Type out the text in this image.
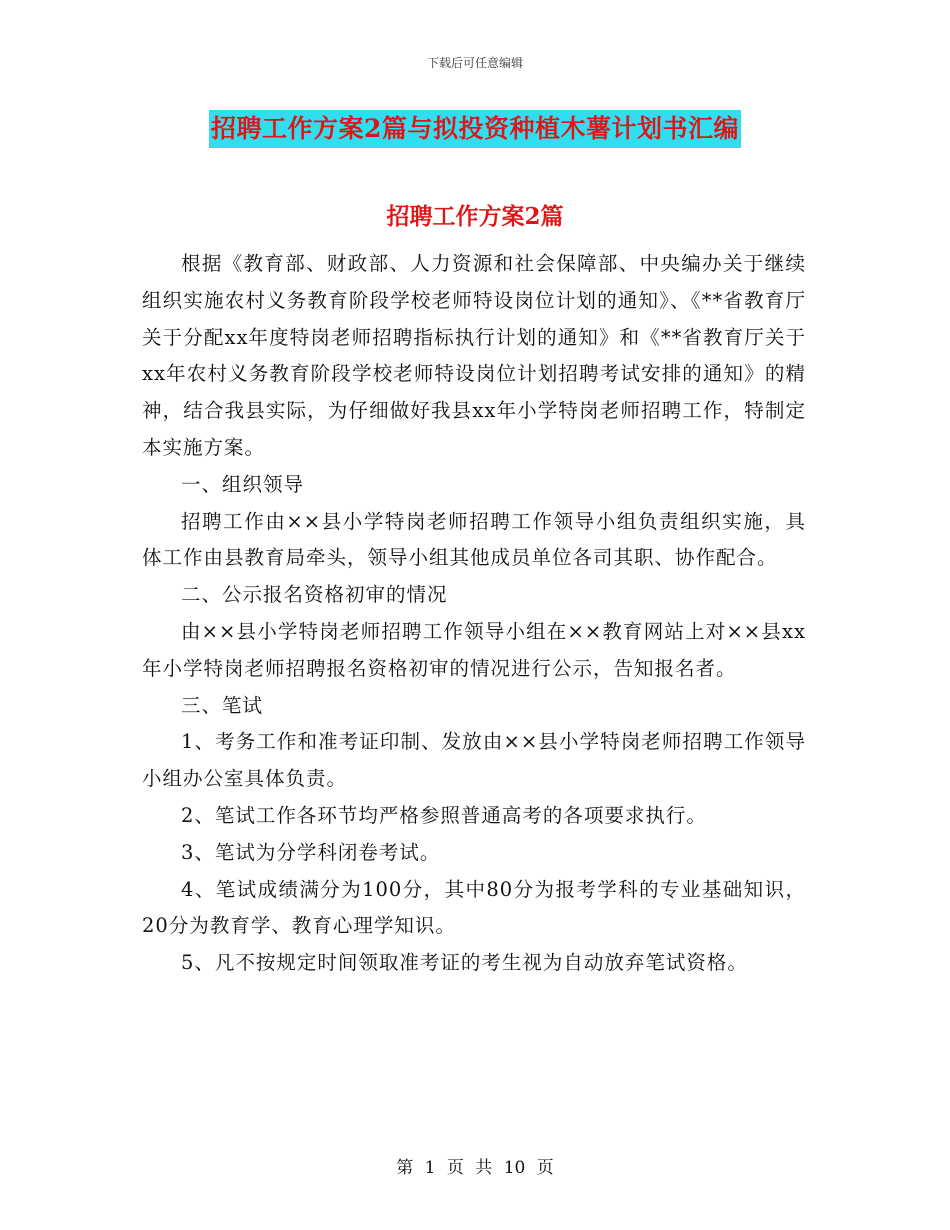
下载后可任意编辑
招聘工作方案2篇与拟投资种植木薯计划书汇编
招聘工作方案2篇

根据《教育部、财政部、人力资源和社会保障部、中央编办关于继续组织实施农村义务教育阶段学校老师特设岗位计划的通知》、《**省教育厅关于分配xx年度特岗老师招聘指标执行计划的通知》和《**省教育厅关于xx年农村义务教育阶段学校老师特设岗位计划招聘考试安排的通知》的精神，结合我县实际，为仔细做好我县xx年小学特岗老师招聘工作，特制定本实施方案。

一、组织领导

招聘工作由××县小学特岗老师招聘工作领导小组负责组织实施，具体工作由县教育局牵头，领导小组其他成员单位各司其职、协作配合。

二、公示报名资格初审的情况

由××县小学特岗老师招聘工作领导小组在××教育网站上对××县xx年小学特岗老师招聘报名资格初审的情况进行公示，告知报名者。

三、笔试

1、考务工作和准考证印制、发放由××县小学特岗老师招聘工作领导小组办公室具体负责。

2、笔试工作各环节均严格参照普通高考的各项要求执行。

3、笔试为分学科闭卷考试。

4、笔试成绩满分为100分，其中80分为报考学科的专业基础知识，20分为教育学、教育心理学知识。

5、凡不按规定时间领取准考证的考生视为自动放弃笔试资格。

第 1 页 共 10 页
